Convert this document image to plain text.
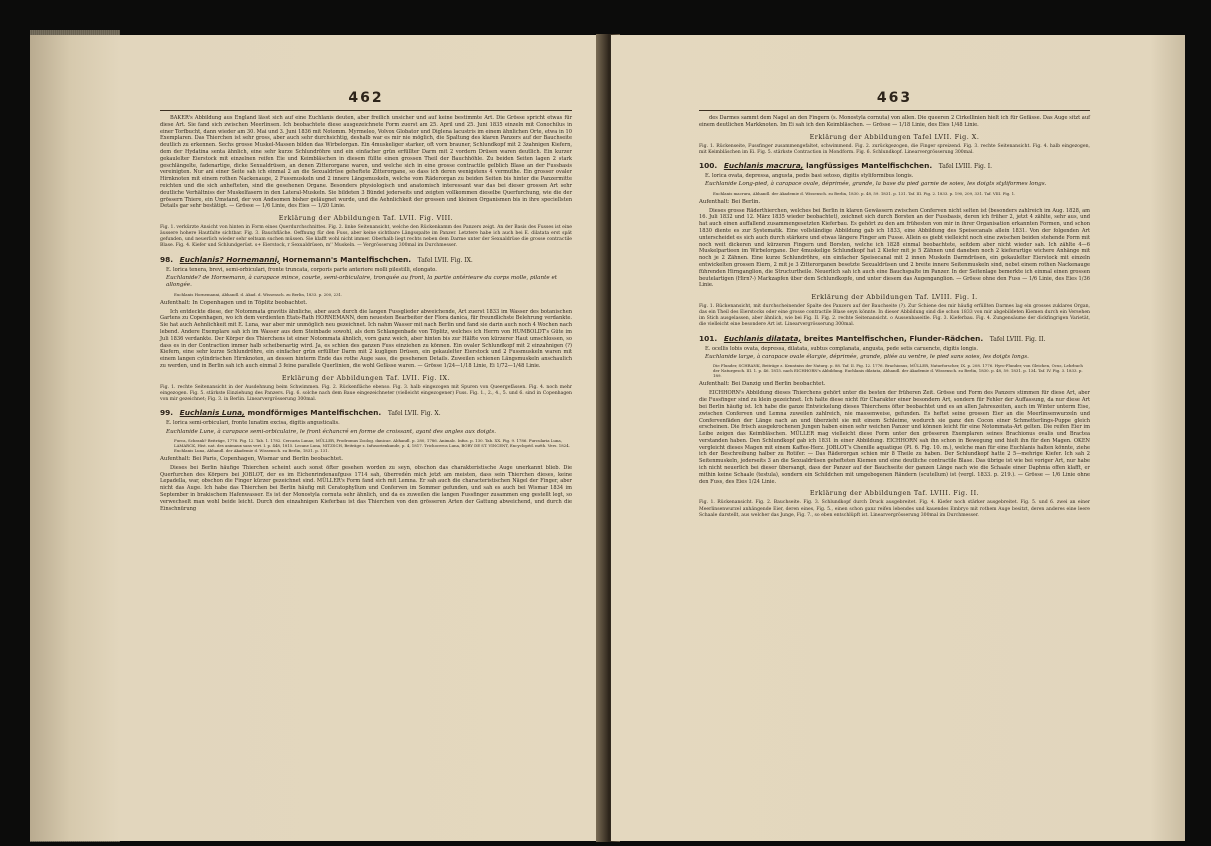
462

BAKER's Abbildung aus England lässt sich auf eine Euchlanis deuten, aber freilich unsicher und auf keine bestimmte Art. Die Grösse spricht etwas für diese Art. Sie fand sich zwischen Meerlinsen. Ich beobachtete diese ausgezeichnete Form zuerst am 25. April und 25. Juni 1835 einzeln mit Conochilus in einer Torfbucht, dann wieder am 30. Mai und 3. Juni 1836 mit Notomm. Myrmeleo, Volvox Globator und Diglena lacustris im einem ähnlichen Orte, etwa in 10 Exemplaren. Das Thierchen ist sehr gross, aber auch sehr durchsichtig, deshalb war es mir nie möglich, die Spaltung des klaren Panzers auf der Bauchseite deutlich zu erkennen. Sechs grosse Muskel-Massen bilden das Wirbelorgan. Ein 4muskeliger starker, oft vorn brauner, Schlundkopf mit 2 3zahnigen Kiefern, dem der Hydatina senta ähnlich, eine sehr kurze Schlundröhre und ein einfacher grün erfüllter Darm mit 2 vordern Drüsen waren deutlich. Ein kurzer gekaulelter Eierstock mit einzelnen reifen Eie und Keimbläschen in diesem füllte einen grossen Theil der Bauchhöhle. Zu beiden Seiten lagen 2 stark geschlängelte, fadenartige, dicke Sexualdrüsen, an denen Zitterorgane waren, und welche sich in eine grosse contractile gelblich Blase an der Fussbasis vereinigten. Nur ani einer Seite sah ich einmal 2 an die Sexualdrüse geheftete Zitterorgane, so dass ich deren wenigstens 4 vermuthe. Ein grosser ovaler Hirnknoten mit einem rothen Nackenauge, 2 Fussmuskeln und 2 innere Längsmuskeln, welche vom Räderorgan zu beiden Seiten bis hinter die Panzermitte reichten und die sich anhefteten, sind die gesehenen Organe. Besonders physiologisch und anatomisch interessant war das bei dieser grossen Art sehr deutliche Verhältniss der Muskelfasern in den Lateral-Muskeln. Sie bildeten 3 Bündel jederseits und zeigten vollkommen dieselbe Querfurchung, wie die der grössern Thiere, ein Umstand, der von Andsomen bisher geläugnet wurde, und die Aehnlichkeit der grossen und kleinen Organismen bis in ihre speciellsten Details gar sehr bestätigt. — Grösse — 1/6 Linie, des Eies — 1/20 Linie.

Erklärung der Abbildungen Taf. LVII. Fig. VIII.

Fig. 1. verkürzte Ansicht von hinten in Form eines Querdurchschnittes. Fig. 2. linke Seitenansicht, welche den Rückenkamm des Panzers zeigt. An der Basis des Fusses ist eine äussere hohere Hautfalte sichtbar. Fig. 3. Bauchfläche. Oeffnung für den Fuss, aber keine sichtbare Längsspalte im Panzer. Letztere habe ich auch bei E. dilatata erst spät gefunden, und neuerlich wieder sehr seltsam suchen müssen. Sie klafft wohl nicht immer. Oberhalb liegt rechts neben dem Darme unter der Sexualdrüse die grosse contractile Blase. Fig. 4. Kiefer und Schlundgerüst. s+ Eierstock, r Sexualdrüsen, m'' Muskeln. — Vergrösserung 300mal im Durchmesser.

98. Euchlanis? Hornemanni, Hornemann's Mantelfischchen. Tafel LVII. Fig. IX.

E. lorica tenera, brevi, semi-orbiculari, fronte truncata, corporis parte anteriore molli pilestilli, elongato.

Euchlanide? de Hornemann, à carapace mince, courte, semi-orbiculaire, tronquée au front, la partie antérieure du corps molle, pilante et allongée.

Euchlanis Hornemanni, Abhandl. d. Akad. d. Wissensch. zu Berlin, 1833. p. 200, 231.

Aufenthalt: In Copenhagen und in Töplitz beobachtet.

Ich entdeckte diese, der Notommata gravitis ähnliche, aber auch durch die langen Fussglieder abweichende, Art zuerst 1833 im Wasser des botanischen Gartens zu Copenhagen, wo ich dem verdienten Etats-Rath HORNEMANN, dem neuesten Bearbeiter der Flora danica, für freundlichste Belehrung verdankte. Sie hat auch Aehnlichkeit mit E. Luna, war aber mir unmöglich neu gezeichnet. Ich nahm Wasser mit nach Berlin und fand sie darin auch noch 4 Wochen nach lebend. Andere Exemplare sah ich im Wasser aus dem Steinbade sowohl, als dem Schlangenbade von Töplitz, welches ich Herrn von HUMBOLDT's Güte im Juli 1836 verdankte. Der Körper des Thierchens ist einer Notommata ähnlich, vorn ganz weich, aber hinten bis zur Hälfte von kürzerer Haut umschlossen, so dass es in der Contraction immer halb scheibenartig wird. Ja, es schien des ganzen Fuss einziehen zu können. Ein ovaler Schlundkopf mit 2 einzahnigen (?) Kiefern, eine sehr kurze Schlundröhre, ein einfacher grün erfüllter Darm mit 2 kugligen Drüsen, ein gekaulelter Eierstock und 2 Fussmuskeln waren mit einem langen cylindrischen Hirnknoten, an dessen hinterm Ende das rothe Auge sass, die gesehenen Details. Zuweilen schienen Längsmuskeln anschaulich zu werden, und in Berlin sah ich auch einmal 3 feine parallele Querlinien, die wohl Gefässe waren. — Grösse 1/24—1/18 Linie, Ei 1/72—1/48 Linie.

Erklärung der Abbildungen Taf. LVII. Fig. IX.

Fig. 1. rechte Seitenansicht in der Ausdehnung beim Schwimmen. Fig. 2. Rückenfläche ebenso. Fig. 3. halb eingezogen mit Spuren von Queergefässen. Fig. 4. noch mehr eingezogen. Fig. 5. stärkste Einziehung des Panzers. Fig. 6. solche nach dem Baue eingezeichneter (vielleicht eingezogener) Fuss. Fig. 1., 2., 4., 5. und 6. sind in Copenhagen von mir gezeichnet; Fig. 3. in Berlin. Linearvergrösserung 300mal.

99. Euchlanis Luna, mondförmiges Mantelfischchen. Tafel LVII. Fig. X.

E. lorica semi-orbiculari, fronte lunatim excisa, digitis angusticalis.

Euchlanide Lune, à carapace semi-orbiculaire, le front échancré en forme de croissant, ayant des angles aux doigts.

Furca, Schrank? Beiträge, 1776. Fig. 12. Tab. 1. 1782. Cercaria Lunae, MÜLLER, Prodromus Zoolog. danicae. Abhandl. p. 280, 1786. Animalc. Infus. p. 130. Tab. XX. Fig. 9. 1786. Furcularia Luna, LAMARCK, Hist. nat. des animaux sans vert. I. p. 448, 1815. Lecane Luna, NITZSCH, Beiträge z. Infusorienkunde, p. 4, 1817. Trichocerca Luna, BORY DE ST. VINCENT, Encyclopéd. méth. Vers. 1824. Euchlanis Luna, Abhandl. der Akademie d. Wissensch. zu Berlin, 1831. p. 131.

Aufenthalt: Bei Paris, Copenhagen, Wismar und Berlin beobachtet.

Dieses bei Berlin häufige Thierchen scheint auch sonst öfter gesehen worden zu seyn, obschon das charakteristische Auge unerkannt blieb. Die Querfurchen des Körpers bei JOBLOT, der es im Eichenrindenaufguss 1714 sah, überredén mich jetzt am meisten, dass sein Thierchen dieses, keine Lepadella, war, obschon die Finger kürzer gezeichnet sind. MÜLLER's Form fand sich mit Lemna. Er sah auch die characteristischen Nägel der Finger, aber nicht das Auge. Ich habe das Thierchen bei Berlin häufig mit Ceratophyllum und Conferven im Sommer gefunden, und sah es auch bei Wismar 1834 im September in brakischem Hafenwasser. Es ist der Monostyla cornuta sehr ähnlich, und da es zuweilen die langen Fussfinger zusammen eng gestellt legt, so verwechselt man wohl beide leicht. Durch den einzahnigen Kieferbau ist das Thierchen von den grösseren Arten der Gattung abweichend, und durch die Einschnürung

463

des Darmes sammt dem Nagel an den Fingern (s. Monostyla cornuta) von allen. Die queeren 2 Cirkellinien hielt ich für Gefässe. Das Auge sitzt auf einem deutlichen Markknoten. Im Ei sah ich den Keimbläschen. — Grösse — 1/18 Linie, des Eies 1/48 Linie.

Erklärung der Abbildungen Tafel LVII. Fig. X.

Fig. 1. Rückenseite, Fussfinger zusammengefaltet, schwimmend. Fig. 2. zurückgezogen, die Finger spreizend. Fig. 3. rechte Seitenansicht. Fig. 4. halb eingezogen, mit Keimbläschen im Ei. Fig. 5. stärkste Contraction in Mondform. Fig. 6. Schlundkopf. Linearvergrösserung 300mal.

100. Euchlanis macrura, langfüssiges Mantelfischchen. Tafel LVIII. Fig. I.

E. lorica ovata, depressa, angusta, pedis basi setoso, digitis styliformibus longis.

Euchlanide Long-pied, à carapace ovale, déprimée, grande, la base du pied garnie de soies, les doigts styliformes longs.

Euchlanis macrura, Abhandl. der Akademie d. Wissensch. zu Berlin, 1830. p. 48, 59. 1831. p. 131. Taf. III. Fig. 2. 1833. p. 190, 209, 331. Taf. VIII. Fig. 1.

Aufenthalt: Bei Berlin.

Dieses grosse Räderthierchen, welches bei Berlin in klaren Gewässern zwischen Conferven nicht selten ist (besonders zahlreich im Aug. 1828, am 16. Juli 1832 und 12. März 1835 wieder beobachtet), zeichnet sich durch Borsten an der Fussbasis, deren ich früher 2, jetzt 4 zählte, sehr aus, und hat auch einen auffallend zusammengesetzten Kieferbau. Es gehört zu den am frühesten von mir in ihrer Organisation erkannten Formen, und schon 1830 diente es zur Systematik. Eine vollständige Abbildung gab ich 1833, eine Abbildung des Speisecanals allein 1831. Von der folgenden Art unterscheidet es sich auch durch stärkere und etwas längere Finger am Fusse. Allein es giebt vielleicht noch eine zwischen beiden stehende Form mit noch weit dickeren und kürzeren Fingern und Borsten, welche ich 1828 einmal beobachtete, seitdem aber nicht wieder sah. Ich zählte 4—6 Muskelpartieen im Wirbelorgane. Der 4muskelige Schlundkopf hat 2 Kiefer mit je 5 Zähnen und daneben noch 2 kieferartige wichere Anhänge mit noch je 2 Zähnen. Eine kurze Schlundröhre, ein einfacher Speisecanal mit 2 innen Muskeln Darmdrüsen, ein gekaulelter Eierstock mit einzeln entwickelten grossen Eiern, 2 mit je 3 Zitterorganen besetzte Sexualdrüsen und 2 breite innere Seitenmuskeln sind, nebst einem rothen Nackenauge führenden Hirnganglion, die Structurtheile. Neuerlich sah ich auch eine Bauchspalte im Panzer. In der Seitenlage bemerkte ich einmal einen grossen beutelartigen (Hirn?-) Markzapfen über dem Schlundkopfe, und unter diesem das Augenganglion. — Grösse ohne den Fuss — 1/6 Linie, des Eies 1/36 Linie.

Erklärung der Abbildungen Taf. LVIII. Fig. I.

Fig. 1. Rückenansicht, mit durchscheinender Spalte des Panzers auf der Bauchseite (?). Zur Schiene des mir häufig erfüllten Darmes lag ein grosses zuklares Organ, das ein Theil des Eierstocks oder eine grosse contractile Blase seyn könnte. In dieser Abbildung sind die schon 1833 von mir abgebildeten Kiemen durch ein Versehen im Stich ausgelassen, aber ähnlich, wie bei Fig. II. Fig. 2. rechte Seitenansicht. o Aussenbaseitle. Fig. 3. Kieferbau. Fig. 4. Zungensäume der dickfingrigen Varietät, die vielleicht eine besondere Art ist. Linearvergrösserung 300mal.

101. Euchlanis dilatata, breites Mantelfischchen, Flunder-Rädchen. Tafel LVIII. Fig. II.

E. ocellis lobis ovata, depressa, dilatata, subtus complanata, angusta, pede setis caruencte, digitis longis.

Euchlanide large, à carapace ovale élargie, déprimée, grande, pliée au ventre, le pied sans soies, les doigts longs.

Die Flunder, SCHRANK, Beiträge z. Kenntniss der Naturg. p. 88. Taf. II. Fig. 12. 1776. Brachionus, MÜLLER, Naturforscher, IX. p. 208. 1776. Hyro-Flunder, von Gleichen, Ocus, Lehrbuch der Naturgesch. III. 1. p. 46. 1815. nach EICHHORN's Abbildung. Euchlanis dilatata, Abhandl. der Akademie d. Wissensch. zu Berlin, 1830. p. 48, 59. 1831. p. 134. Taf. IV. Fig. 3. 1833. p. 189.

Aufenthalt: Bei Danzig und Berlin beobachtet.

EICHHORN's Abbildung dieses Thierchens gehört unter die besten der früheren Zeit. Grösse und Form des Panzers stimmen für diese Art, aber die Fussfinger sind zu klein gezeichnet. Ich halte diese nicht für Charakter einer besondern Art, sondern für Fehler der Auffassung, da nur diese Art bei Berlin häufig ist. Ich habe die ganze Entwickelung dieses Thierchens öfter beobachtet und es an allen Jahreszeiten, auch im Winter unterm Eise, zwischen Conferven und Lemna zuweilen zahlreich, nie massenweise, gefunden. Es heftet seine grossen Eier an die Meerlinsenwurzeln und Confervenfäden der Länge nach an und überzieht sie mit einem Schleime, wodurch sie ganz den Cocon einer Schmetterlings-Puppe gleich erscheinen. Die frisch ausgekrochenen Jungen haben einen sehr weichen Panzer und können leicht für eine Notommata-Art gelten. Die reifen Eier im Leibe zeigen das Keimbläschen. MÜLLER mag vielleicht diese Form unter den grösseren Exemplaren seines Brachionus ovalis und Bractea verstanden haben. Den Schlundkopf gab ich 1831 in einer Abbildung. EICHHORN sah ihn schon in Bewegung und hielt ihn für den Magen. OKEN vergleicht dieses Magen mit einem Kaffee-Herz. JOBLOT's Chenille aquatique (Pl. 6. Fig. 10. m.), welche man für eine Euchlanis halten könnte, ziehe ich der Beschreibung halber zu Rotifer. — Das Räderorgan schien mir 8 Theile zu haben. Der Schlundkopf hatte 2 5—mehrige Kiefer. Ich sah 2 Seitenmuskeln, jederseits 3 an die Sexualdrüsen gehefteten Kiemen und eine deutliche contractile Blase. Das übrige ist wie bei voriger Art, nur habe ich nicht neuerlich bei dieser übersangt, dass der Panzer auf der Bauchseite der ganzen Länge nach wie die Schaale einer Daphnia offen klafft, er mithin keine Schaale (testula), sondern ein Schildchen mit umgebogenen Rändern (scutellum) ist (vergl. 1833. p. 219.). — Grösse — 1/6 Linie ohne den Fuss, des Eies 1/24 Linie.

Erklärung der Abbildungen Taf. LVIII. Fig. II.

Fig. 1. Rückenansicht. Fig. 2. Bauchseite. Fig. 3. Schlundkopf durch Druck ausgebreitet. Fig. 4. Kiefer noch stärker ausgebreitet. Fig. 5. und 6. zwei an einer Meerlinsenwurzel anhängende Eier, deren eines, Fig. 5., einen schon ganz reifen lebendes und kauendes Embryo mit rothem Auge besitzt, deren anderes eine leere Schaale darstellt, aus welcher das Junge, Fig. 7., so eben entschlüpft ist. Linearvergrösserung 300mal im Durchmesser.
